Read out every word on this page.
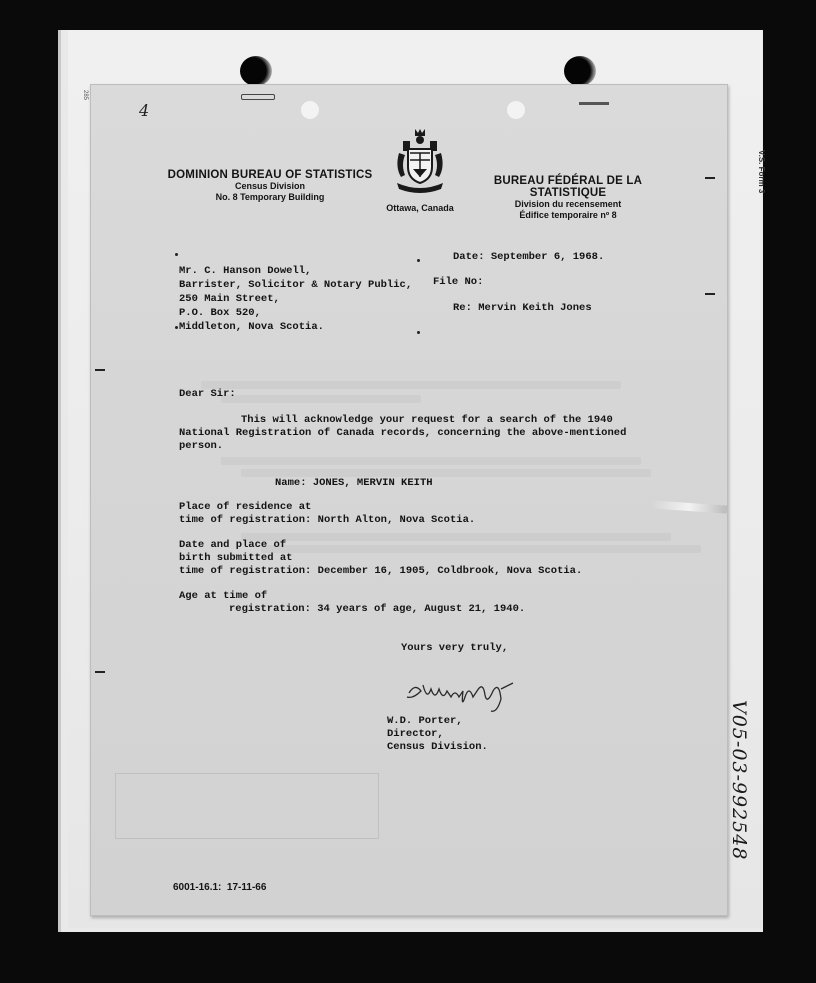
285
V.S. Form 3
V05-03-992548
4
DOMINION BUREAU OF STATISTICS
Census Division
No. 8 Temporary Building
Ottawa, Canada
BUREAU FÉDÉRAL DE LA STATISTIQUE
Division du recensement
Édifice temporaire nº 8
Date: September 6, 1968.
File No:
Re: Mervin Keith Jones
Mr. C. Hanson Dowell,
Barrister, Solicitor & Notary Public,
250 Main Street,
P.O. Box 520,
Middleton, Nova Scotia.
Dear Sir:
This will acknowledge your request for a search of the 1940
National Registration of Canada records, concerning the above-mentioned
person.
Name: JONES, MERVIN KEITH
Place of residence at
time of registration: North Alton, Nova Scotia.
Date and place of
birth submitted at
time of registration: December 16, 1905, Coldbrook, Nova Scotia.
Age at time of
registration: 34 years of age, August 21, 1940.
Yours very truly,
W.D. Porter,
Director,
Census Division.
6001-16.1:  17-11-66
